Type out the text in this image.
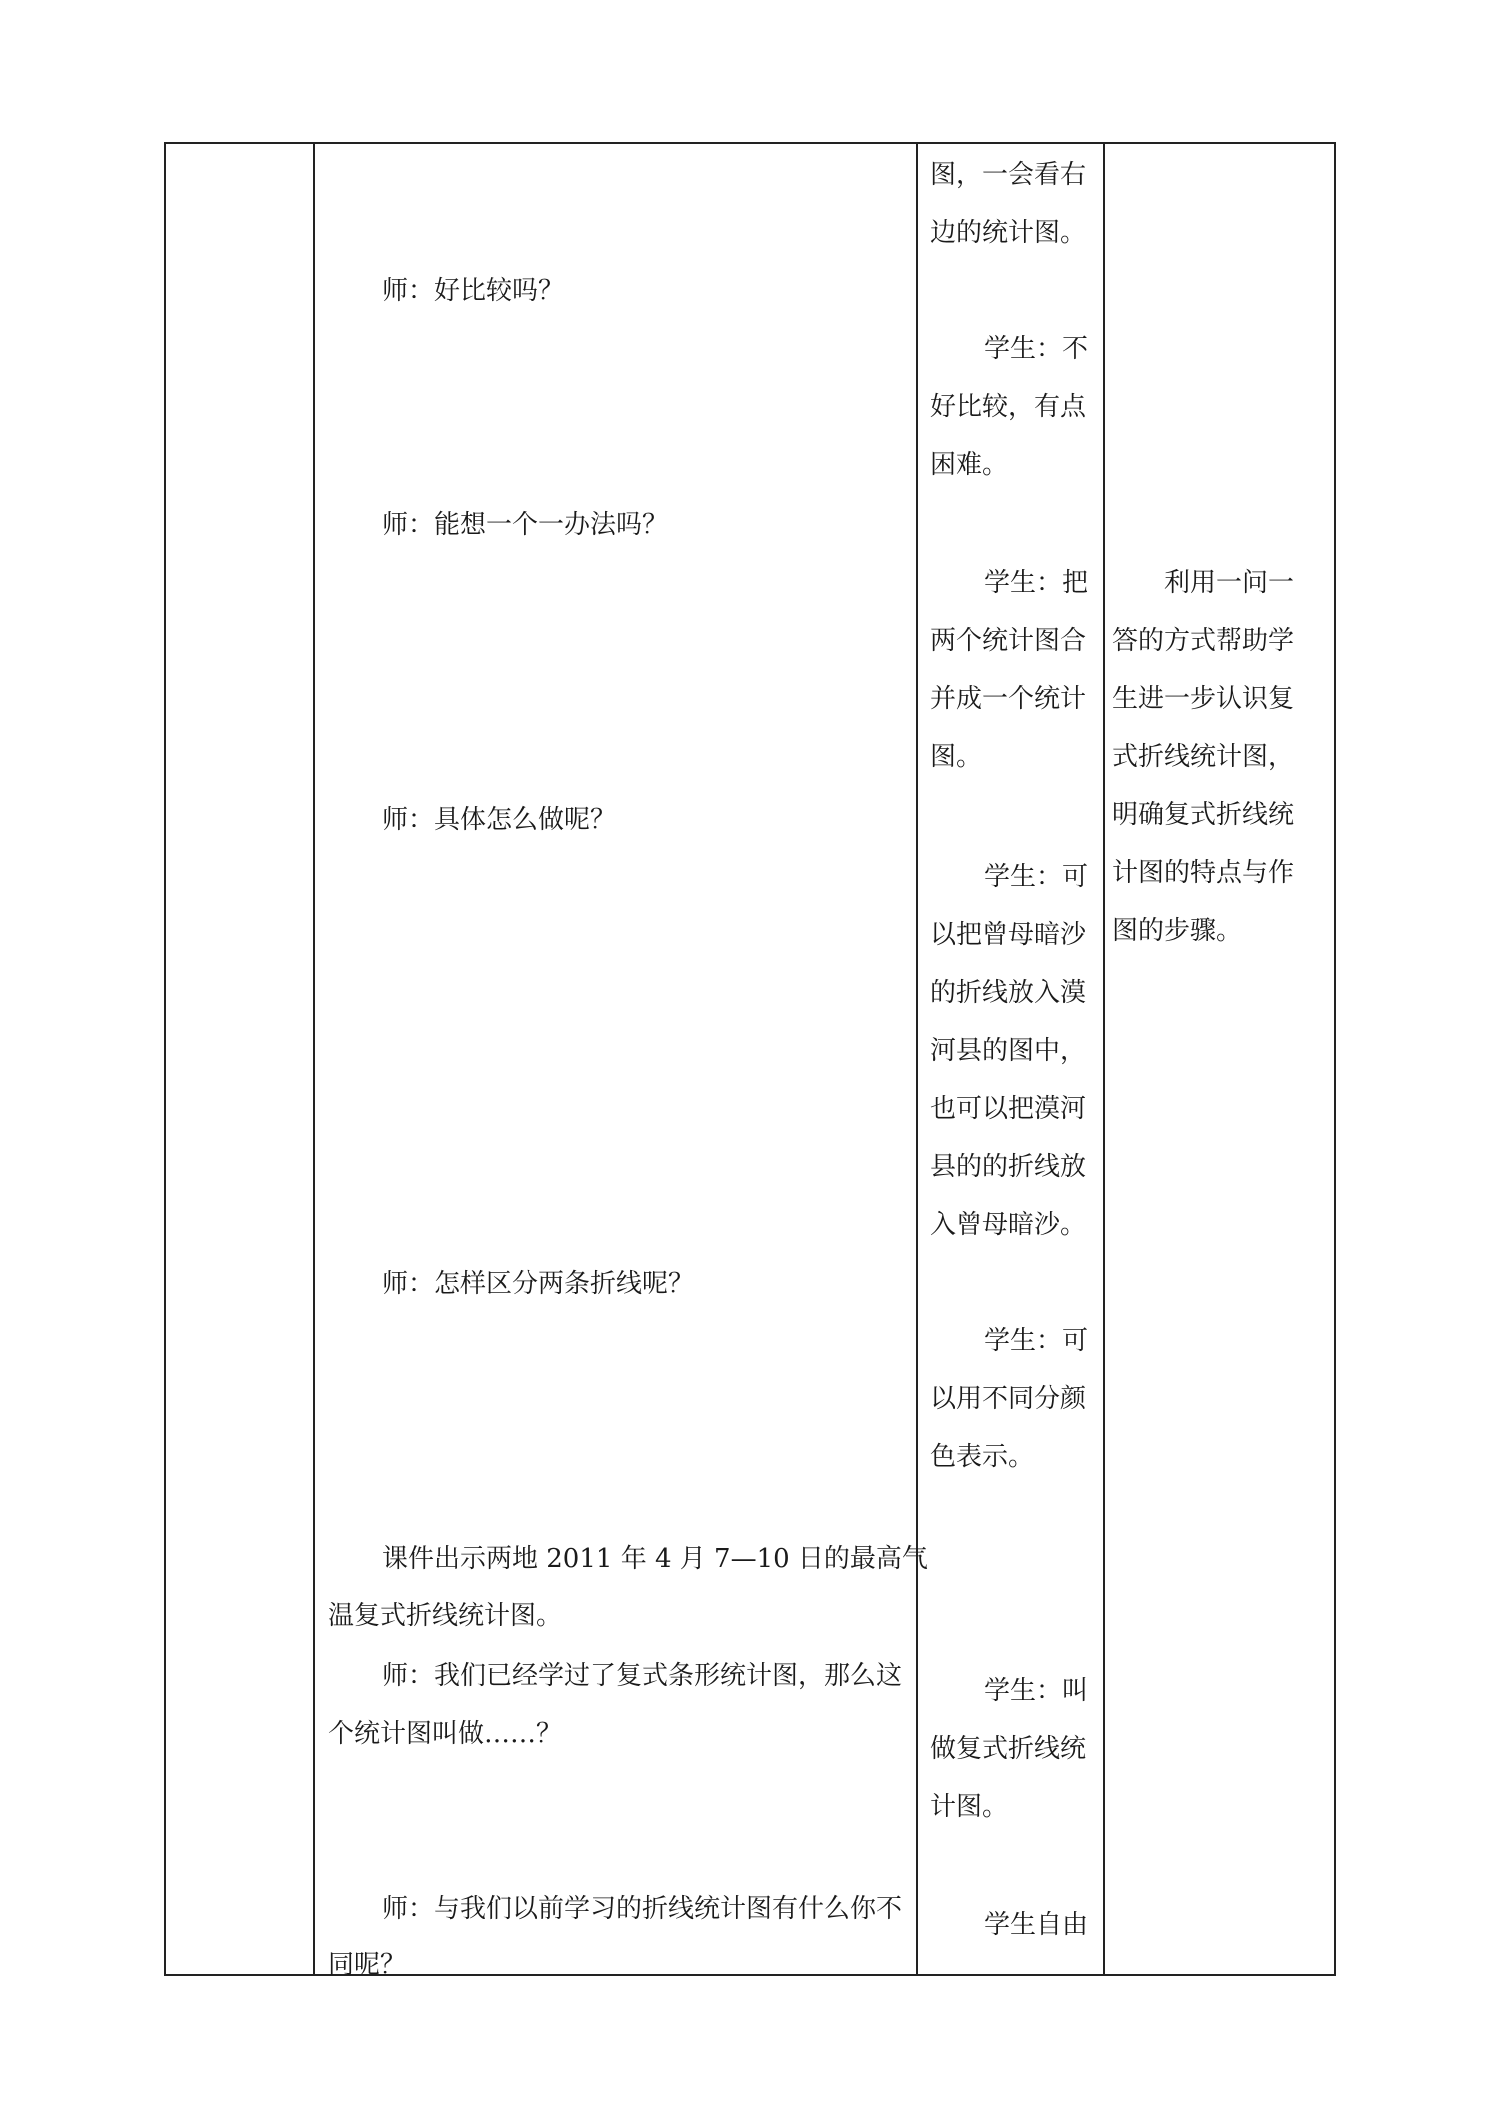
师：好比较吗？
师：能想一个一办法吗？
师：具体怎么做呢？
师：怎样区分两条折线呢？
课件出示两地 2011 年 4 月 7—10 日的最高气
温复式折线统计图。
师：我们已经学过了复式条形统计图，那么这
个统计图叫做……？
师：与我们以前学习的折线统计图有什么你不
同呢？
图，一会看右
边的统计图。
学生：不
好比较，有点
困难。
学生：把
两个统计图合
并成一个统计
图。
学生：可
以把曾母暗沙
的折线放入漠
河县的图中，
也可以把漠河
县的的折线放
入曾母暗沙。
学生：可
以用不同分颜
色表示。
学生：叫
做复式折线统
计图。
学生自由
利用一问一
答的方式帮助学
生进一步认识复
式折线统计图，
明确复式折线统
计图的特点与作
图的步骤。
